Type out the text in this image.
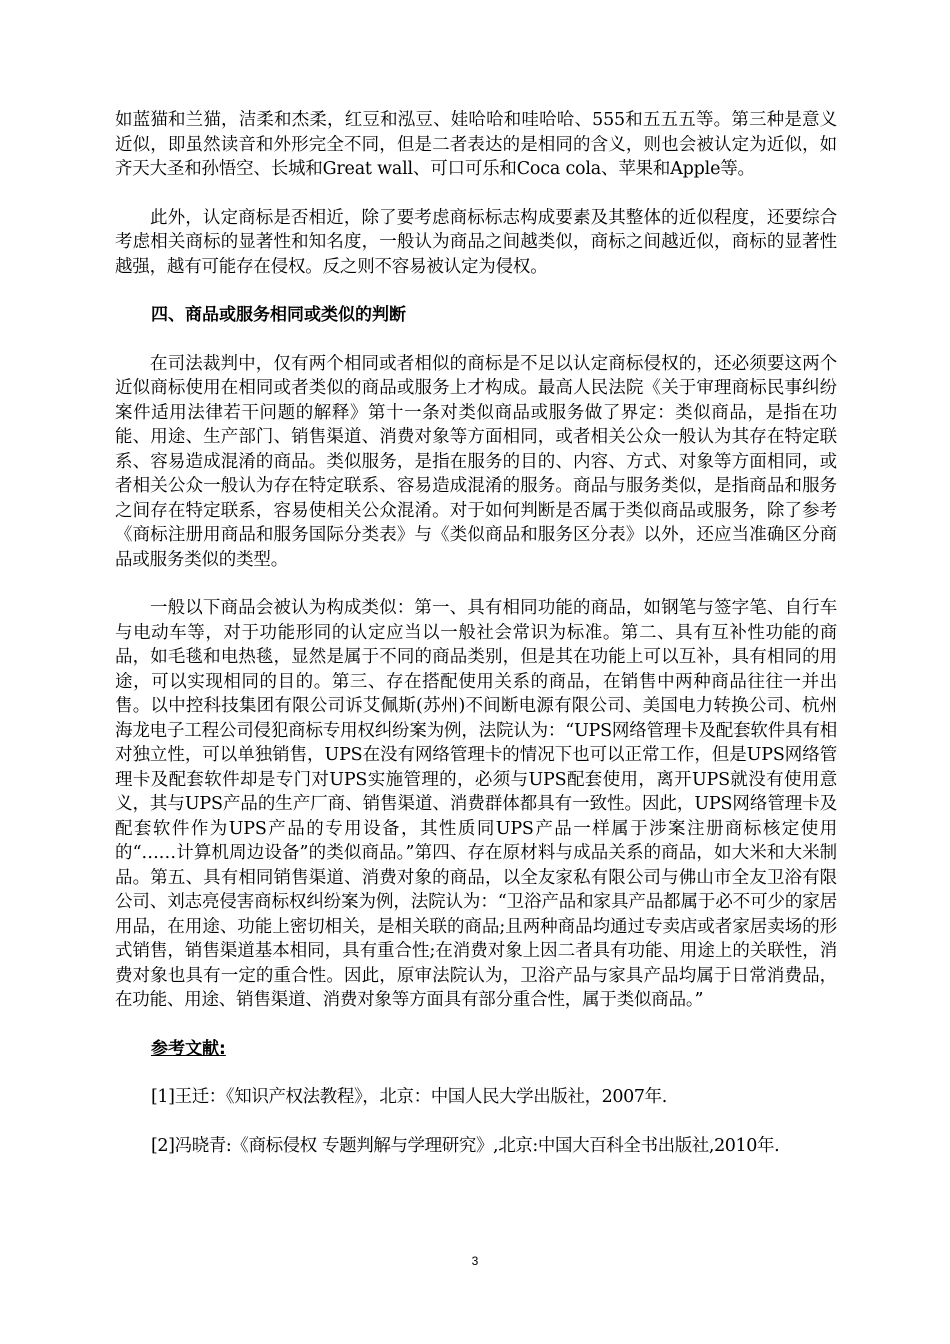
如蓝猫和兰猫，洁柔和杰柔，红豆和泓豆、娃哈哈和哇哈哈、555和五五五等。第三种是意义近似，即虽然读音和外形完全不同，但是二者表达的是相同的含义，则也会被认定为近似，如齐天大圣和孙悟空、长城和Great wall、可口可乐和Coca cola、苹果和Apple等。

此外，认定商标是否相近，除了要考虑商标标志构成要素及其整体的近似程度，还要综合考虑相关商标的显著性和知名度，一般认为商品之间越类似，商标之间越近似，商标的显著性越强，越有可能存在侵权。反之则不容易被认定为侵权。

四、商品或服务相同或类似的判断

在司法裁判中，仅有两个相同或者相似的商标是不足以认定商标侵权的，还必须要这两个近似商标使用在相同或者类似的商品或服务上才构成。最高人民法院《关于审理商标民事纠纷案件适用法律若干问题的解释》第十一条对类似商品或服务做了界定：类似商品，是指在功能、用途、生产部门、销售渠道、消费对象等方面相同，或者相关公众一般认为其存在特定联系、容易造成混淆的商品。类似服务，是指在服务的目的、内容、方式、对象等方面相同，或者相关公众一般认为存在特定联系、容易造成混淆的服务。商品与服务类似，是指商品和服务之间存在特定联系，容易使相关公众混淆。对于如何判断是否属于类似商品或服务，除了参考《商标注册用商品和服务国际分类表》与《类似商品和服务区分表》以外，还应当准确区分商品或服务类似的类型。

一般以下商品会被认为构成类似：第一、具有相同功能的商品，如钢笔与签字笔、自行车与电动车等，对于功能形同的认定应当以一般社会常识为标准。第二、具有互补性功能的商品，如毛毯和电热毯，显然是属于不同的商品类别，但是其在功能上可以互补，具有相同的用途，可以实现相同的目的。第三、存在搭配使用关系的商品，在销售中两种商品往往一并出售。以中控科技集团有限公司诉艾佩斯(苏州)不间断电源有限公司、美国电力转换公司、杭州海龙电子工程公司侵犯商标专用权纠纷案为例，法院认为：“UPS网络管理卡及配套软件具有相对独立性，可以单独销售，UPS在没有网络管理卡的情况下也可以正常工作，但是UPS网络管理卡及配套软件却是专门对UPS实施管理的，必须与UPS配套使用，离开UPS就没有使用意义，其与UPS产品的生产厂商、销售渠道、消费群体都具有一致性。因此，UPS网络管理卡及配套软件作为UPS产品的专用设备，其性质同UPS产品一样属于涉案注册商标核定使用的“……计算机周边设备”的类似商品。”第四、存在原材料与成品关系的商品，如大米和大米制品。第五、具有相同销售渠道、消费对象的商品，以全友家私有限公司与佛山市全友卫浴有限公司、刘志亮侵害商标权纠纷案为例，法院认为：“卫浴产品和家具产品都属于必不可少的家居用品，在用途、功能上密切相关，是相关联的商品;且两种商品均通过专卖店或者家居卖场的形式销售，销售渠道基本相同，具有重合性;在消费对象上因二者具有功能、用途上的关联性，消费对象也具有一定的重合性。因此，原审法院认为，卫浴产品与家具产品均属于日常消费品，在功能、用途、销售渠道、消费对象等方面具有部分重合性，属于类似商品。”

参考文献:

[1]王迁：《知识产权法教程》，北京：中国人民大学出版社，2007年.

[2]冯晓青:《商标侵权 专题判解与学理研究》,北京:中国大百科全书出版社,2010年.

3
